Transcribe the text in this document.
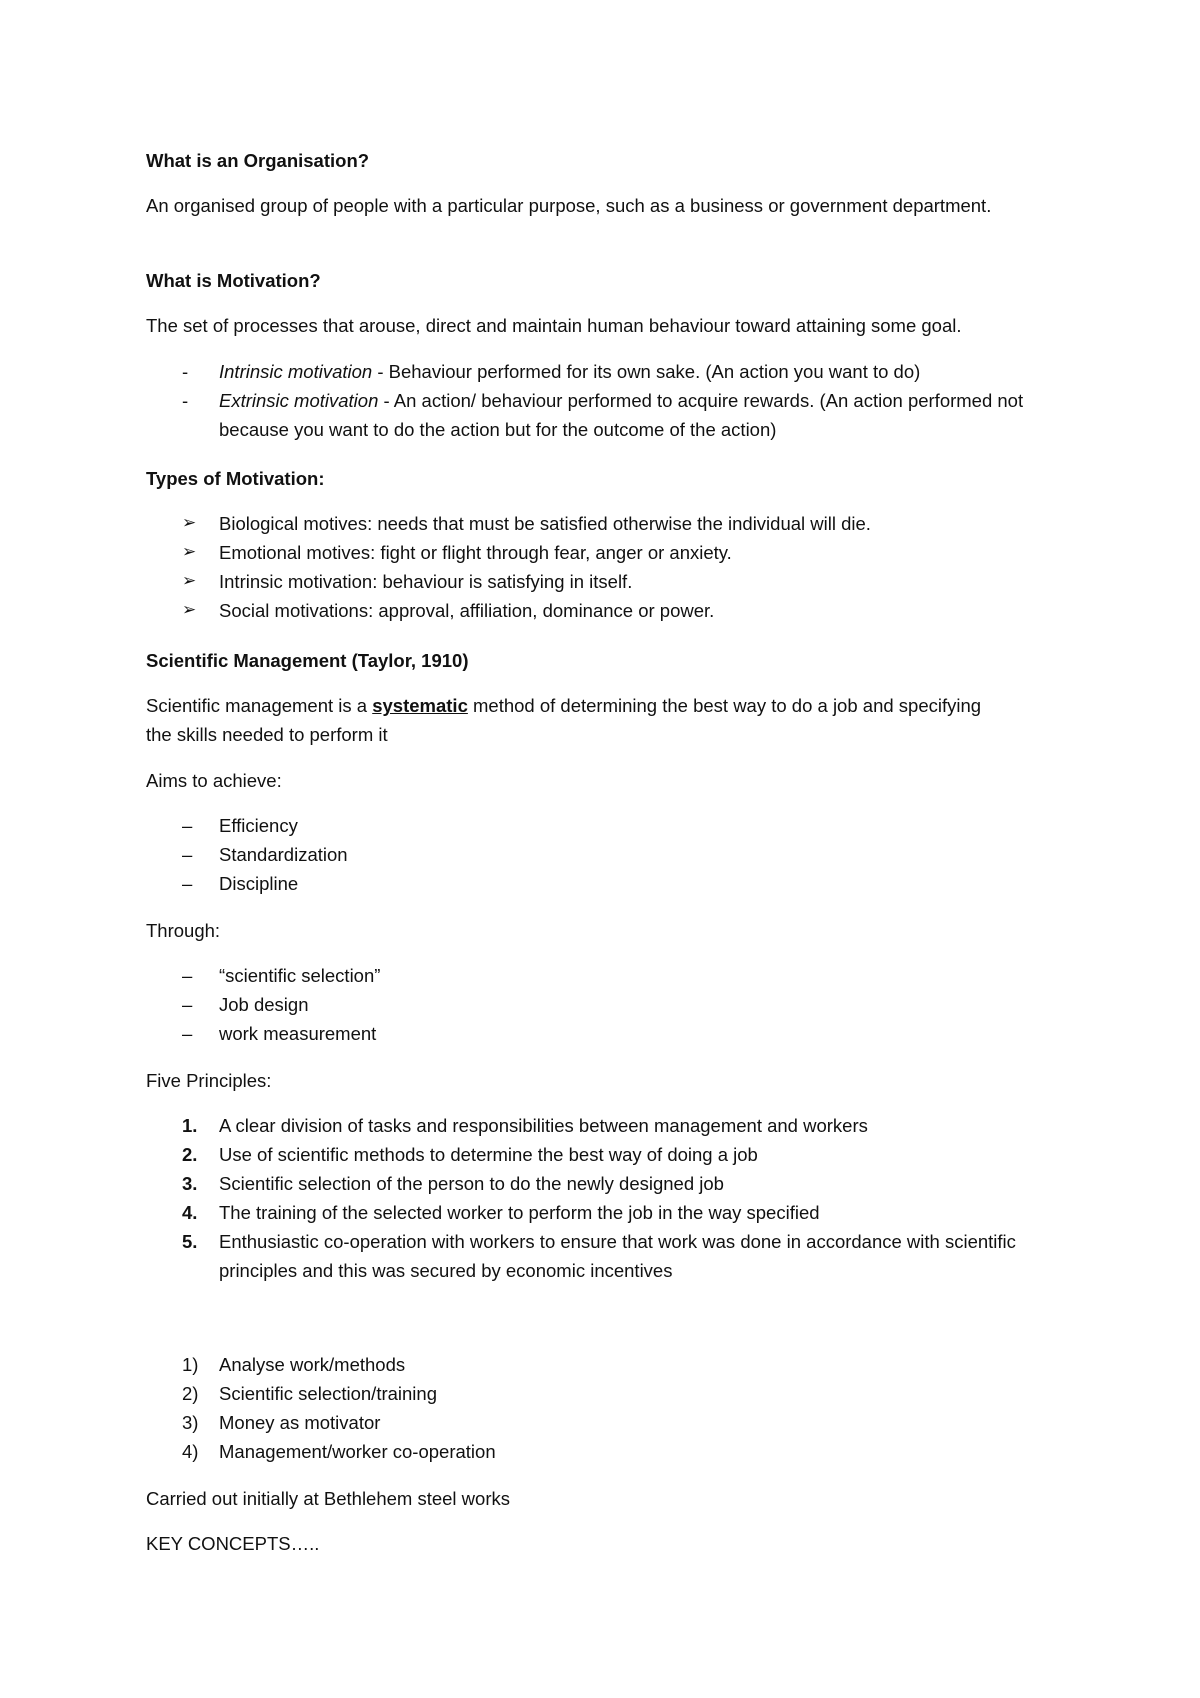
What is an Organisation?

An organised group of people with a particular purpose, such as a business or government department.

What is Motivation?

The set of processes that arouse, direct and maintain human behaviour toward attaining some goal.

- Intrinsic motivation - Behaviour performed for its own sake. (An action you want to do)
- Extrinsic motivation - An action/ behaviour performed to acquire rewards. (An action performed not because you want to do the action but for the outcome of the action)

Types of Motivation:

➢ Biological motives: needs that must be satisfied otherwise the individual will die.
➢ Emotional motives: fight or flight through fear, anger or anxiety.
➢ Intrinsic motivation: behaviour is satisfying in itself.
➢ Social motivations: approval, affiliation, dominance or power.

Scientific Management (Taylor, 1910)

Scientific management is a systematic method of determining the best way to do a job and specifying the skills needed to perform it

Aims to achieve:

– Efficiency
– Standardization
– Discipline

Through:

– “scientific selection”
– Job design
– work measurement

Five Principles:

1. A clear division of tasks and responsibilities between management and workers
2. Use of scientific methods to determine the best way of doing a job
3. Scientific selection of the person to do the newly designed job
4. The training of the selected worker to perform the job in the way specified
5. Enthusiastic co-operation with workers to ensure that work was done in accordance with scientific principles and this was secured by economic incentives
1) Analyse work/methods
2) Scientific selection/training
3) Money as motivator
4) Management/worker co-operation

Carried out initially at Bethlehem steel works

KEY CONCEPTS…..
